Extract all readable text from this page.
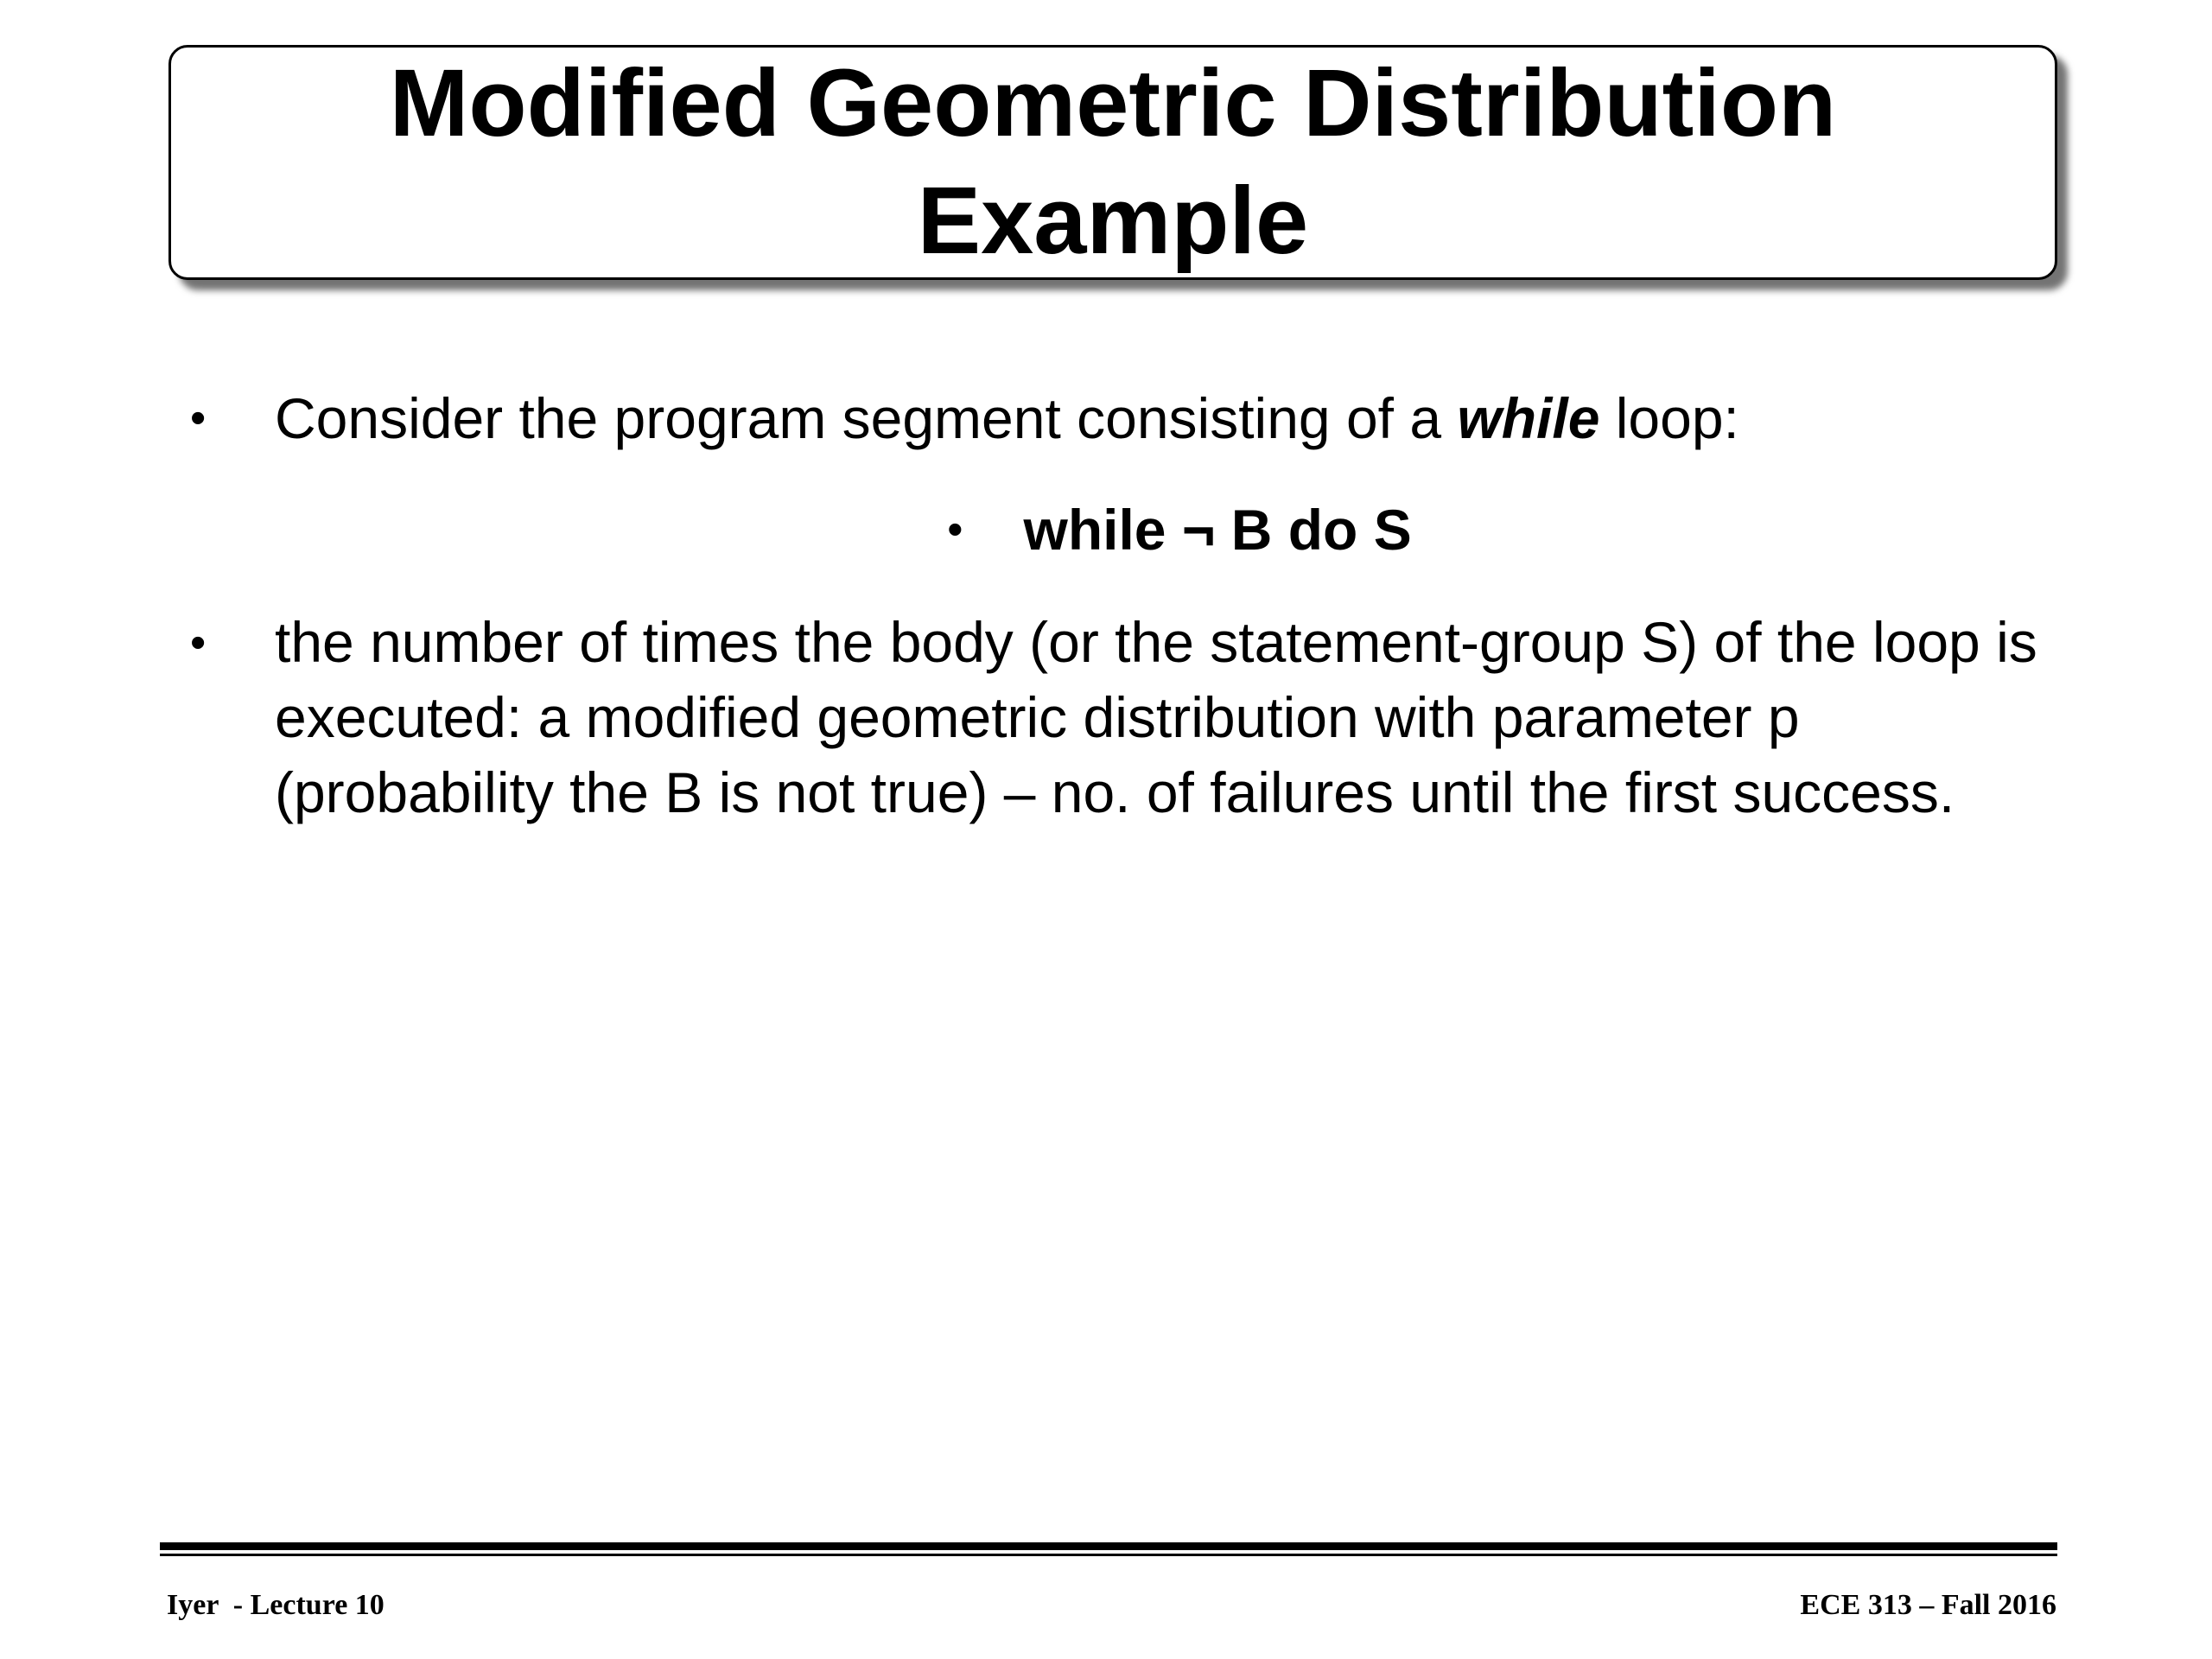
Modified Geometric Distribution
Example
•	Consider the program segment consisting of a while loop:
• while ¬ B do S
•	the number of times the body (or the statement-group S) of the loop is executed: a modified geometric distribution with parameter p (probability the B is not true) – no. of failures until the first success.
Iyer  - Lecture 10	ECE 313 – Fall 2016
